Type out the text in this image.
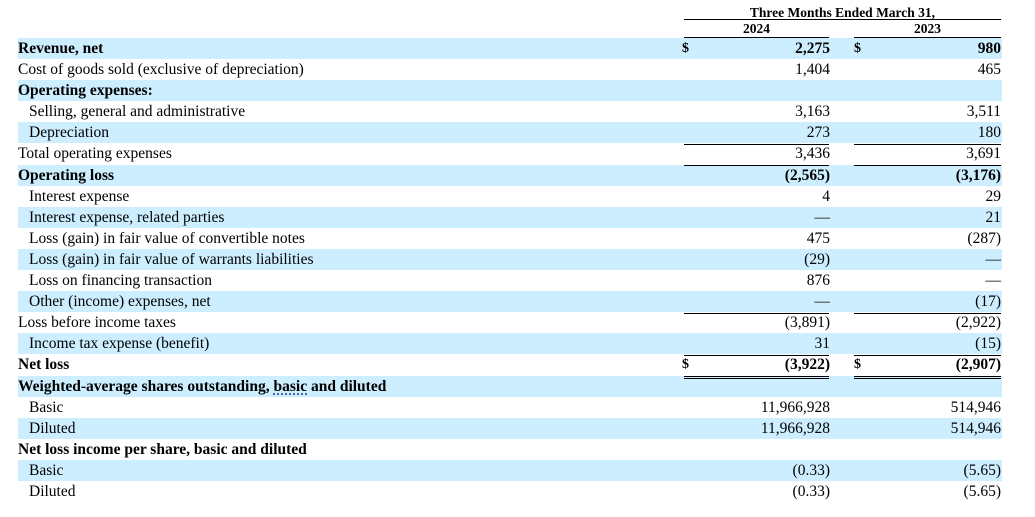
Three Months Ended March 31,
2024	2023
Revenue, net	$	2,275 $	980
Cost of goods sold (exclusive of depreciation)	1,404	465
Operating expenses:
Selling, general and administrative	3,163	3,511
Depreciation	273	180
Total operating expenses	3,436	3,691
Operating loss	(2,565)	(3,176)
Interest expense	4	29
Interest expense, related parties	—	21
Loss (gain) in fair value of convertible notes	475	(287)
Loss (gain) in fair value of warrants liabilities	(29)	—
Loss on financing transaction	876	—
Other (income) expenses, net	—	(17)
Loss before income taxes	(3,891)	(2,922)
Income tax expense (benefit)	31	(15)
Net loss	$	(3,922) $	(2,907)
Weighted-average shares outstanding, basic and diluted
Basic	11,966,928	514,946
Diluted	11,966,928	514,946
Net loss income per share, basic and diluted
Basic	(0.33)	(5.65)
Diluted	(0.33)	(5.65)
